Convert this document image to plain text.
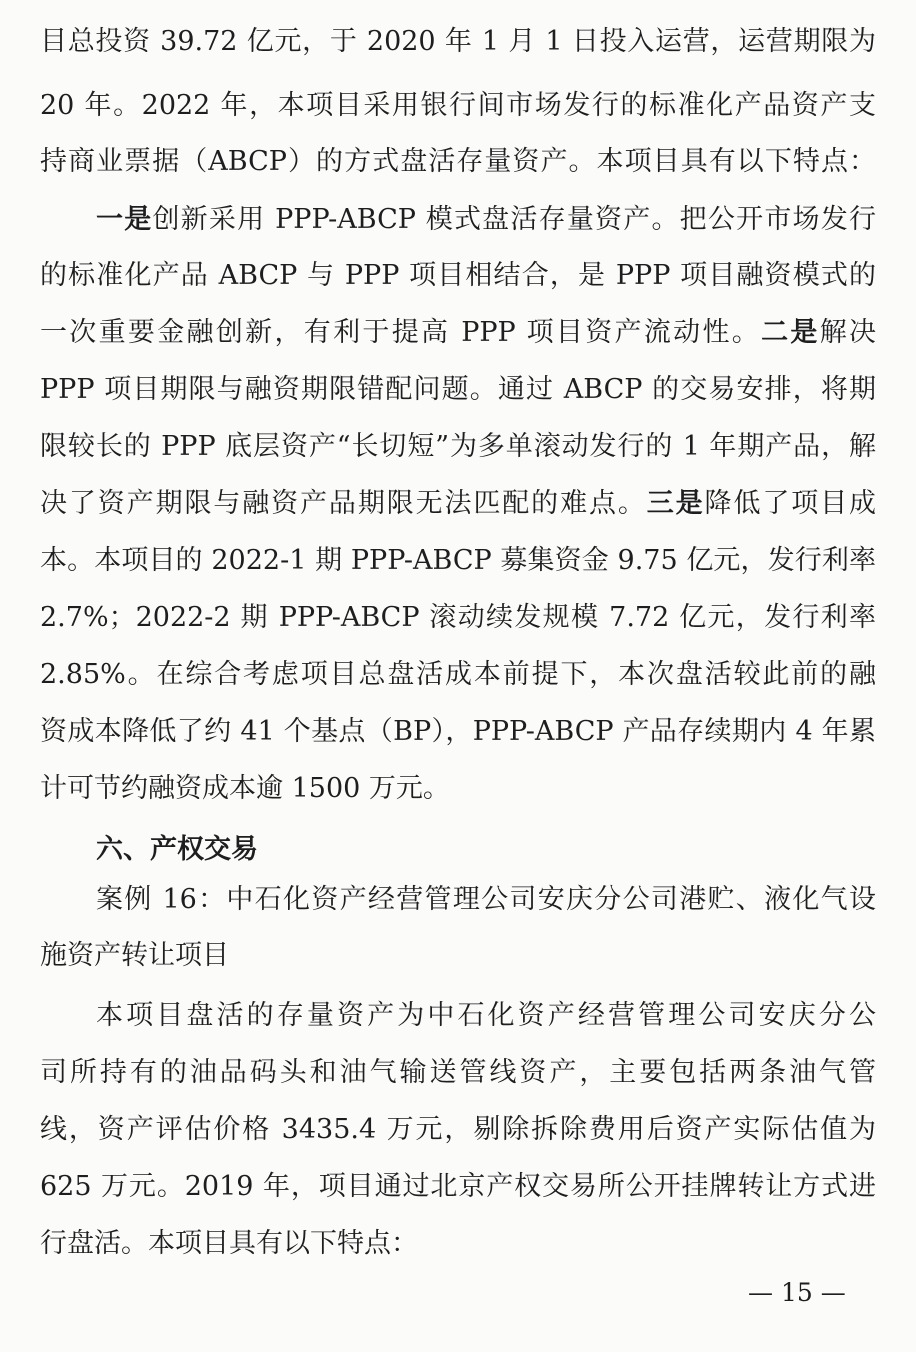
目总投资 39.72 亿元，于 2020 年 1 月 1 日投入运营，运营期限为
20 年。2022 年，本项目采用银行间市场发行的标准化产品资产支
持商业票据（ABCP）的方式盘活存量资产。本项目具有以下特点：
一是创新采用 PPP-ABCP 模式盘活存量资产。把公开市场发行
的标准化产品 ABCP 与 PPP 项目相结合，是 PPP 项目融资模式的
一次重要金融创新，有利于提高 PPP 项目资产流动性。二是解决
PPP 项目期限与融资期限错配问题。通过 ABCP 的交易安排，将期
限较长的 PPP 底层资产“长切短”为多单滚动发行的 1 年期产品，解
决了资产期限与融资产品期限无法匹配的难点。三是降低了项目成
本。本项目的 2022-1 期 PPP-ABCP 募集资金 9.75 亿元，发行利率
2.7%；2022-2 期 PPP-ABCP 滚动续发规模 7.72 亿元，发行利率
2.85%。在综合考虑项目总盘活成本前提下，本次盘活较此前的融
资成本降低了约 41 个基点（BP），PPP-ABCP 产品存续期内 4 年累
计可节约融资成本逾 1500 万元。
六、产权交易
案例 16：中石化资产经营管理公司安庆分公司港贮、液化气设
施资产转让项目
本项目盘活的存量资产为中石化资产经营管理公司安庆分公
司所持有的油品码头和油气输送管线资产，主要包括两条油气管
线，资产评估价格 3435.4 万元，剔除拆除费用后资产实际估值为
625 万元。2019 年，项目通过北京产权交易所公开挂牌转让方式进
行盘活。本项目具有以下特点：
— 15 —
